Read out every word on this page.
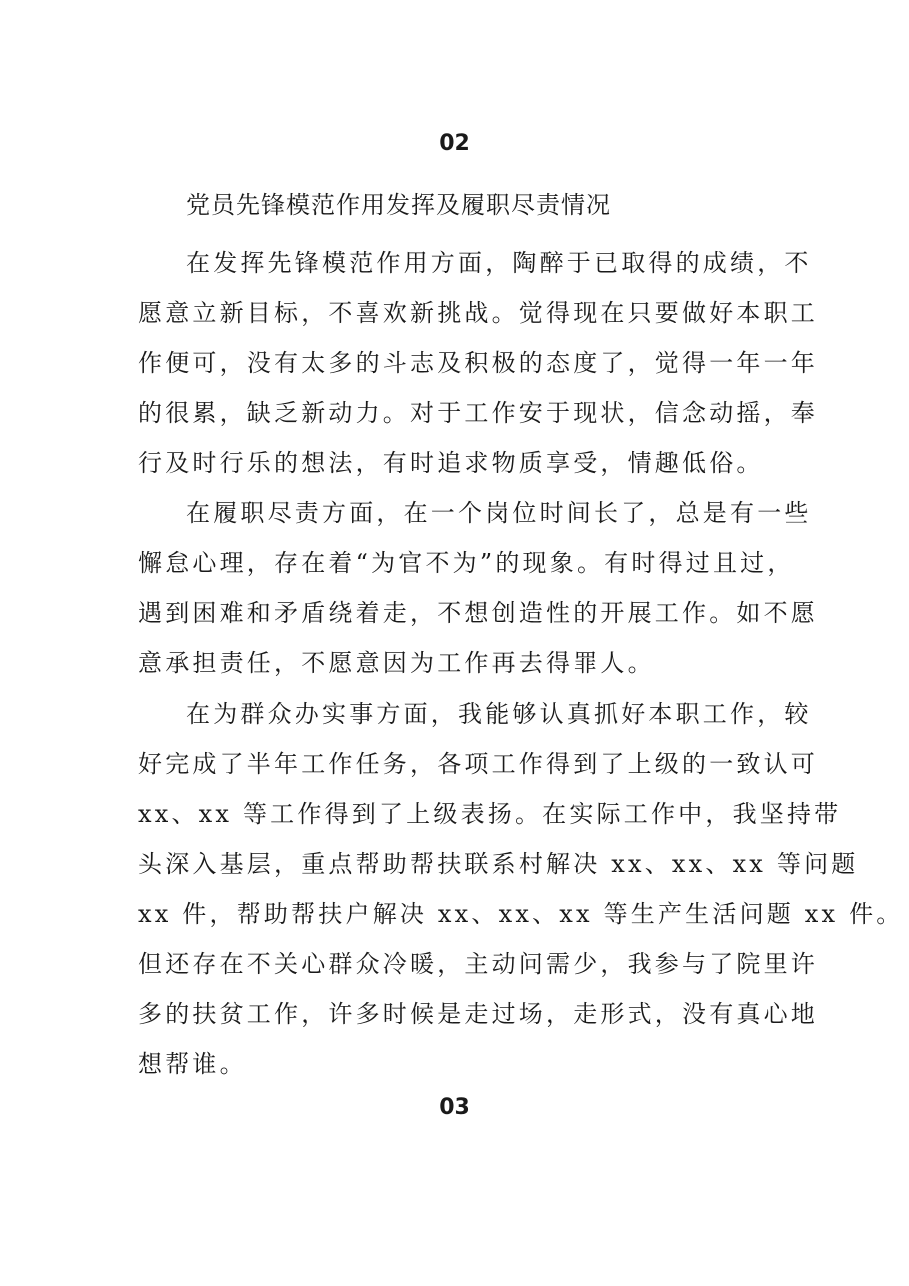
02
党员先锋模范作用发挥及履职尽责情况
在发挥先锋模范作用方面，陶醉于已取得的成绩，不
愿意立新目标，不喜欢新挑战。觉得现在只要做好本职工
作便可，没有太多的斗志及积极的态度了，觉得一年一年
的很累，缺乏新动力。对于工作安于现状，信念动摇，奉
行及时行乐的想法，有时追求物质享受，情趣低俗。
在履职尽责方面，在一个岗位时间长了，总是有一些
懈怠心理，存在着“为官不为”的现象。有时得过且过，
遇到困难和矛盾绕着走，不想创造性的开展工作。如不愿
意承担责任，不愿意因为工作再去得罪人。
在为群众办实事方面，我能够认真抓好本职工作，较
好完成了半年工作任务，各项工作得到了上级的一致认可
xx、xx 等工作得到了上级表扬。在实际工作中，我坚持带
头深入基层，重点帮助帮扶联系村解决 xx、xx、xx 等问题
xx 件，帮助帮扶户解决 xx、xx、xx 等生产生活问题 xx 件。
但还存在不关心群众冷暖，主动问需少，我参与了院里许
多的扶贫工作，许多时候是走过场，走形式，没有真心地
想帮谁。
03
